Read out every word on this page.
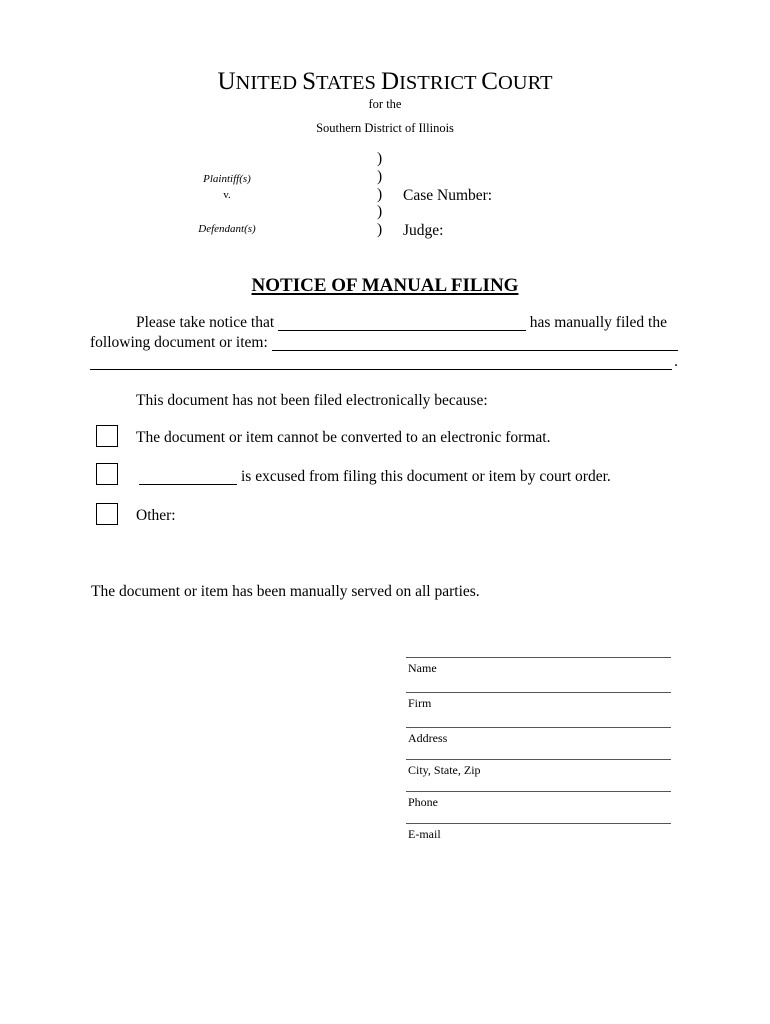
UNITED STATES DISTRICT COURT
for the
Southern District of Illinois
Plaintiff(s)
v.
Defendant(s)
)
)
)
)
)
Case Number:
Judge:
NOTICE OF MANUAL FILING
Please take notice that	has manually filed the
following document or item:
.
This document has not been filed electronically because:
The document or item cannot be converted to an electronic format.
is excused from filing this document or item by court order.
Other:
The document or item has been manually served on all parties.
Name
Firm
Address
City, State, Zip
Phone
E-mail
